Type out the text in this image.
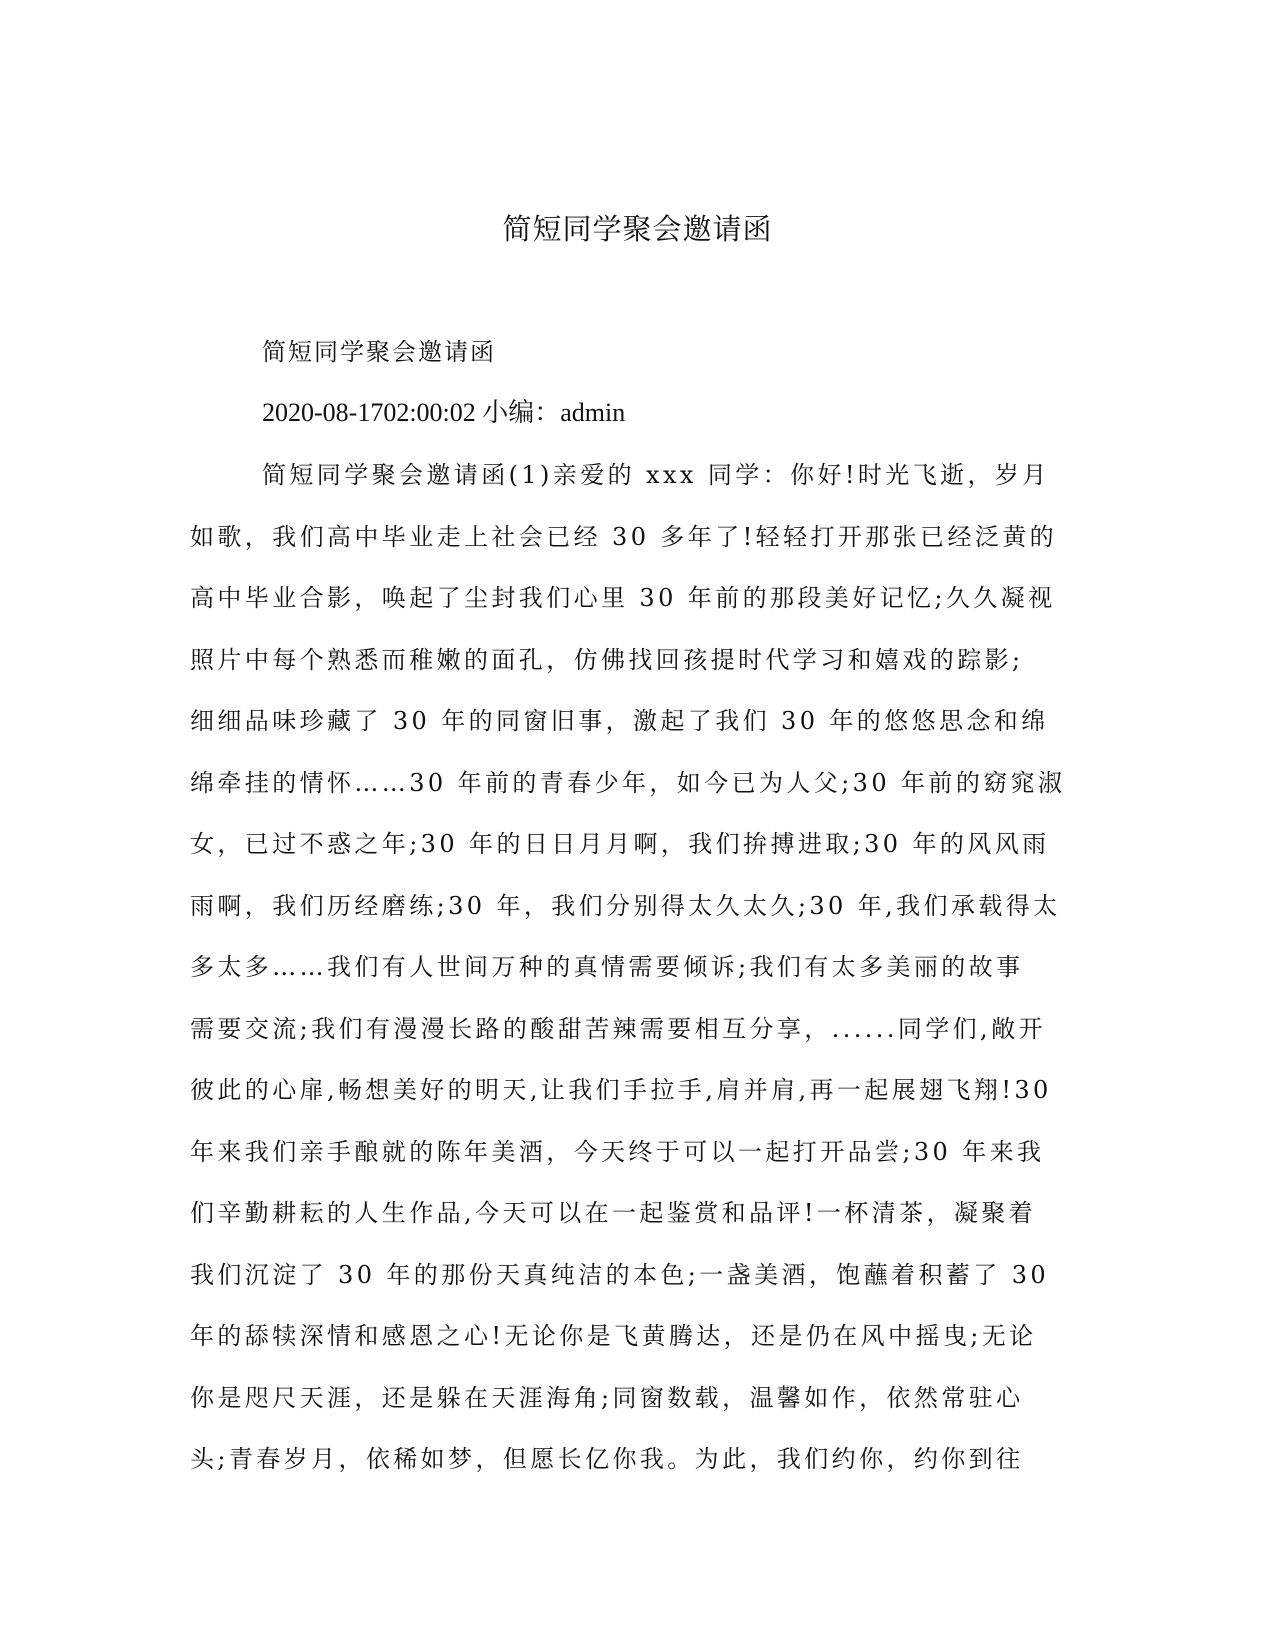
简短同学聚会邀请函

简短同学聚会邀请函

2020-08-1702:00:02 小编：admin

简短同学聚会邀请函(1)亲爱的 xxx 同学：你好!时光飞逝，岁月
如歌，我们高中毕业走上社会已经 30 多年了!轻轻打开那张已经泛黄的
高中毕业合影，唤起了尘封我们心里 30 年前的那段美好记忆;久久凝视
照片中每个熟悉而稚嫩的面孔，仿佛找回孩提时代学习和嬉戏的踪影;
细细品味珍藏了 30 年的同窗旧事，激起了我们 30 年的悠悠思念和绵
绵牵挂的情怀……30 年前的青春少年，如今已为人父;30 年前的窈窕淑
女，已过不惑之年;30 年的日日月月啊，我们拚搏进取;30 年的风风雨
雨啊，我们历经磨练;30 年，我们分别得太久太久;30 年,我们承载得太
多太多……我们有人世间万种的真情需要倾诉;我们有太多美丽的故事
需要交流;我们有漫漫长路的酸甜苦辣需要相互分享，......同学们,敞开
彼此的心扉,畅想美好的明天,让我们手拉手,肩并肩,再一起展翅飞翔!30
年来我们亲手酿就的陈年美酒，今天终于可以一起打开品尝;30 年来我
们辛勤耕耘的人生作品,今天可以在一起鉴赏和品评!一杯清茶，凝聚着
我们沉淀了 30 年的那份天真纯洁的本色;一盏美酒，饱蘸着积蓄了 30
年的舔犊深情和感恩之心!无论你是飞黄腾达，还是仍在风中摇曳;无论
你是咫尺天涯，还是躲在天涯海角;同窗数载，温馨如作，依然常驻心
头;青春岁月，依稀如梦，但愿长亿你我。为此，我们约你，约你到往
